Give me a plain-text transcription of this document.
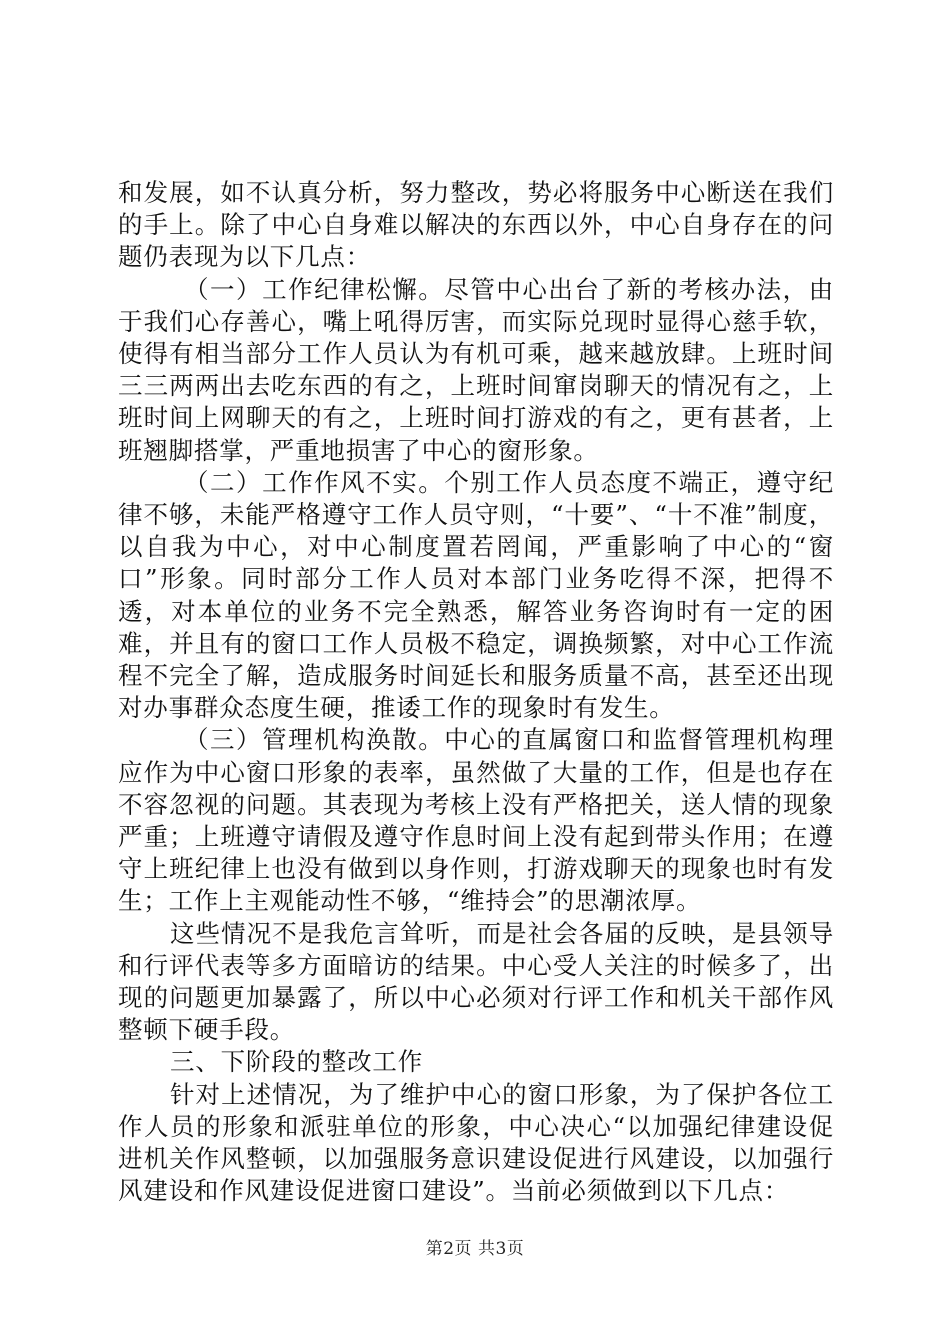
和发展，如不认真分析，努力整改，势必将服务中心断送在我们的手上。除了中心自身难以解决的东西以外，中心自身存在的问题仍表现为以下几点：

（一）工作纪律松懈。尽管中心出台了新的考核办法，由于我们心存善心，嘴上吼得厉害，而实际兑现时显得心慈手软，使得有相当部分工作人员认为有机可乘，越来越放肆。上班时间三三两两出去吃东西的有之，上班时间窜岗聊天的情况有之，上班时间上网聊天的有之，上班时间打游戏的有之，更有甚者，上班翘脚搭掌，严重地损害了中心的窗形象。

（二）工作作风不实。个别工作人员态度不端正，遵守纪律不够，未能严格遵守工作人员守则，“十要”、“十不准”制度，以自我为中心，对中心制度置若罔闻，严重影响了中心的“窗口”形象。同时部分工作人员对本部门业务吃得不深，把得不透，对本单位的业务不完全熟悉，解答业务咨询时有一定的困难，并且有的窗口工作人员极不稳定，调换频繁，对中心工作流程不完全了解，造成服务时间延长和服务质量不高，甚至还出现对办事群众态度生硬，推诿工作的现象时有发生。

（三）管理机构涣散。中心的直属窗口和监督管理机构理应作为中心窗口形象的表率，虽然做了大量的工作，但是也存在不容忽视的问题。其表现为考核上没有严格把关，送人情的现象严重；上班遵守请假及遵守作息时间上没有起到带头作用；在遵守上班纪律上也没有做到以身作则，打游戏聊天的现象也时有发生；工作上主观能动性不够，“维持会”的思潮浓厚。

这些情况不是我危言耸听，而是社会各届的反映，是县领导和行评代表等多方面暗访的结果。中心受人关注的时候多了，出现的问题更加暴露了，所以中心必须对行评工作和机关干部作风整顿下硬手段。

三、下阶段的整改工作

针对上述情况，为了维护中心的窗口形象，为了保护各位工作人员的形象和派驻单位的形象，中心决心“以加强纪律建设促进机关作风整顿，以加强服务意识建设促进行风建设，以加强行风建设和作风建设促进窗口建设”。当前必须做到以下几点：

第2页 共3页
